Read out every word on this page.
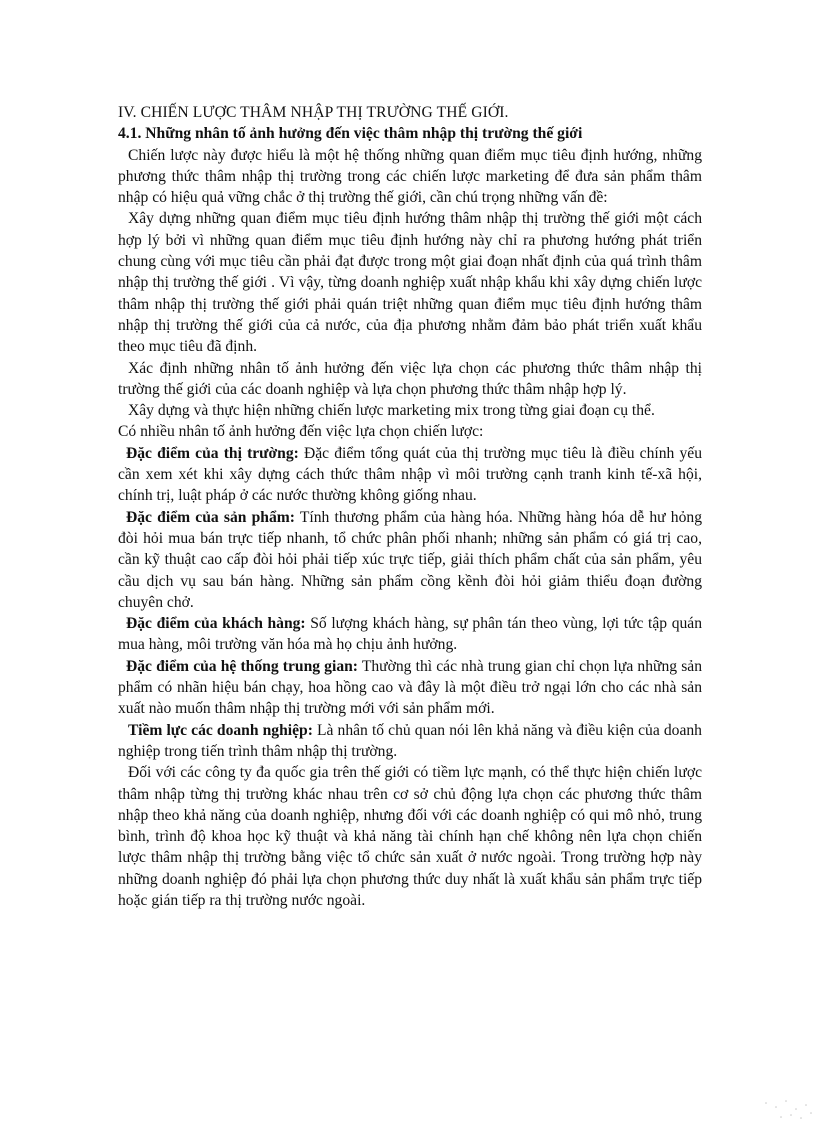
IV. CHIẾN LƯỢC THÂM NHẬP THỊ TRƯỜNG THẾ GIỚI.

4.1. Những nhân tố ảnh hưởng đến việc thâm nhập thị trường thế giới

Chiến lược này được hiểu là một hệ thống những quan điểm mục tiêu định hướng, những phương thức thâm nhập thị trường trong các chiến lược marketing để đưa sản phẩm thâm nhập có hiệu quả vững chắc ở thị trường thế giới, cần chú trọng những vấn đề:

Xây dựng những quan điểm mục tiêu định hướng thâm nhập thị trường thế giới một cách hợp lý bởi vì những quan điểm mục tiêu định hướng này chỉ ra phương hướng phát triển chung cùng với mục tiêu cần phải đạt được trong một giai đoạn nhất định của quá trình thâm nhập thị trường thế giới . Vì vậy, từng doanh nghiệp xuất nhập khẩu khi xây dựng chiến lược thâm nhập thị trường thế giới phải quán triệt những quan điểm mục tiêu định hướng thâm nhập thị trường thế giới của cả nước, của địa phương nhằm đảm bảo phát triển xuất khẩu theo mục tiêu đã định.

Xác định những nhân tố ảnh hưởng đến việc lựa chọn các phương thức thâm nhập thị trường thế giới của các doanh nghiệp và lựa chọn phương thức thâm nhập hợp lý.

Xây dựng và thực hiện những chiến lược marketing mix trong từng giai đoạn cụ thể.

Có nhiều nhân tố ảnh hưởng đến việc lựa chọn chiến lược:

Đặc điểm của thị trường: Đặc điểm tổng quát của thị trường mục tiêu là điều chính yếu cần xem xét khi xây dựng cách thức thâm nhập vì môi trường cạnh tranh kinh tế-xã hội, chính trị, luật pháp ở các nước thường không giống nhau.

Đặc điểm của sản phẩm: Tính thương phẩm của hàng hóa. Những hàng hóa dễ hư hỏng đòi hỏi mua bán trực tiếp nhanh, tổ chức phân phối nhanh; những sản phẩm có giá trị cao, cần kỹ thuật cao cấp đòi hỏi phải tiếp xúc trực tiếp, giải thích phẩm chất của sản phẩm, yêu cầu dịch vụ sau bán hàng. Những sản phẩm cồng kềnh đòi hỏi giảm thiểu đoạn đường chuyên chở.

Đặc điểm của khách hàng: Số lượng khách hàng, sự phân tán theo vùng, lợi tức tập quán mua hàng, môi trường văn hóa mà họ chịu ảnh hưởng.

Đặc điểm của hệ thống trung gian: Thường thì các nhà trung gian chỉ chọn lựa những sản phẩm có nhãn hiệu bán chạy, hoa hồng cao và đây là một điều trở ngại lớn cho các nhà sản xuất nào muốn thâm nhập thị trường mới với sản phẩm mới.

Tiềm lực các doanh nghiệp: Là nhân tố chủ quan nói lên khả năng và điều kiện của doanh nghiệp trong tiến trình thâm nhập thị trường.

Đối với các công ty đa quốc gia trên thế giới có tiềm lực mạnh, có thể thực hiện chiến lược thâm nhập từng thị trường khác nhau trên cơ sở chủ động lựa chọn các phương thức thâm nhập theo khả năng của doanh nghiệp, nhưng đối với các doanh nghiệp có qui mô nhỏ, trung bình, trình độ khoa học kỹ thuật và khả năng tài chính hạn chế không nên lựa chọn chiến lược thâm nhập thị trường bằng việc tổ chức sản xuất ở nước ngoài. Trong trường hợp này những doanh nghiệp đó phải lựa chọn phương thức duy nhất là xuất khẩu sản phẩm trực tiếp hoặc gián tiếp ra thị trường nước ngoài.
